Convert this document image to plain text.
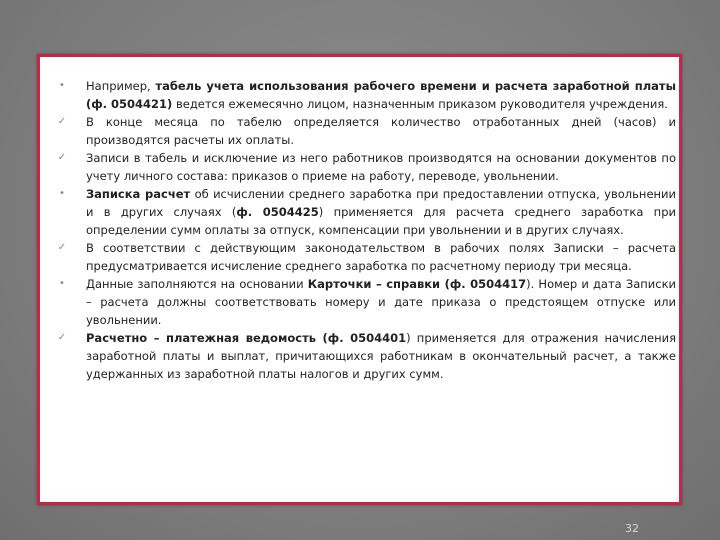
•	Например, табель учета использования рабочего времени и расчета заработной платы (ф. 0504421) ведется ежемесячно лицом, назначенным приказом руководителя учреждения.
✓ В конце месяца по табелю определяется количество отработанных дней (часов) и производятся расчеты их оплаты.
✓ Записи в табель и исключение из него работников производятся на основании документов по учету личного состава: приказов о приеме на работу, переводе, увольнении.
•	Записка расчет об исчислении среднего заработка при предоставлении отпуска, увольнении и в других случаях (ф. 0504425) применяется для расчета среднего заработка при определении сумм оплаты за отпуск, компенсации при увольнении и в других случаях.
✓ В соответствии с действующим законодательством в рабочих полях Записки – расчета предусматривается исчисление среднего заработка по расчетному периоду три месяца.
•	Данные заполняются на основании Карточки – справки (ф. 0504417). Номер и дата Записки – расчета должны соответствовать номеру и дате приказа о предстоящем отпуске или увольнении.
✓ Расчетно – платежная ведомость (ф. 0504401) применяется для отражения начисления заработной платы и выплат, причитающихся работникам в окончательный расчет, а также удержанных из заработной платы налогов и других сумм.
32
